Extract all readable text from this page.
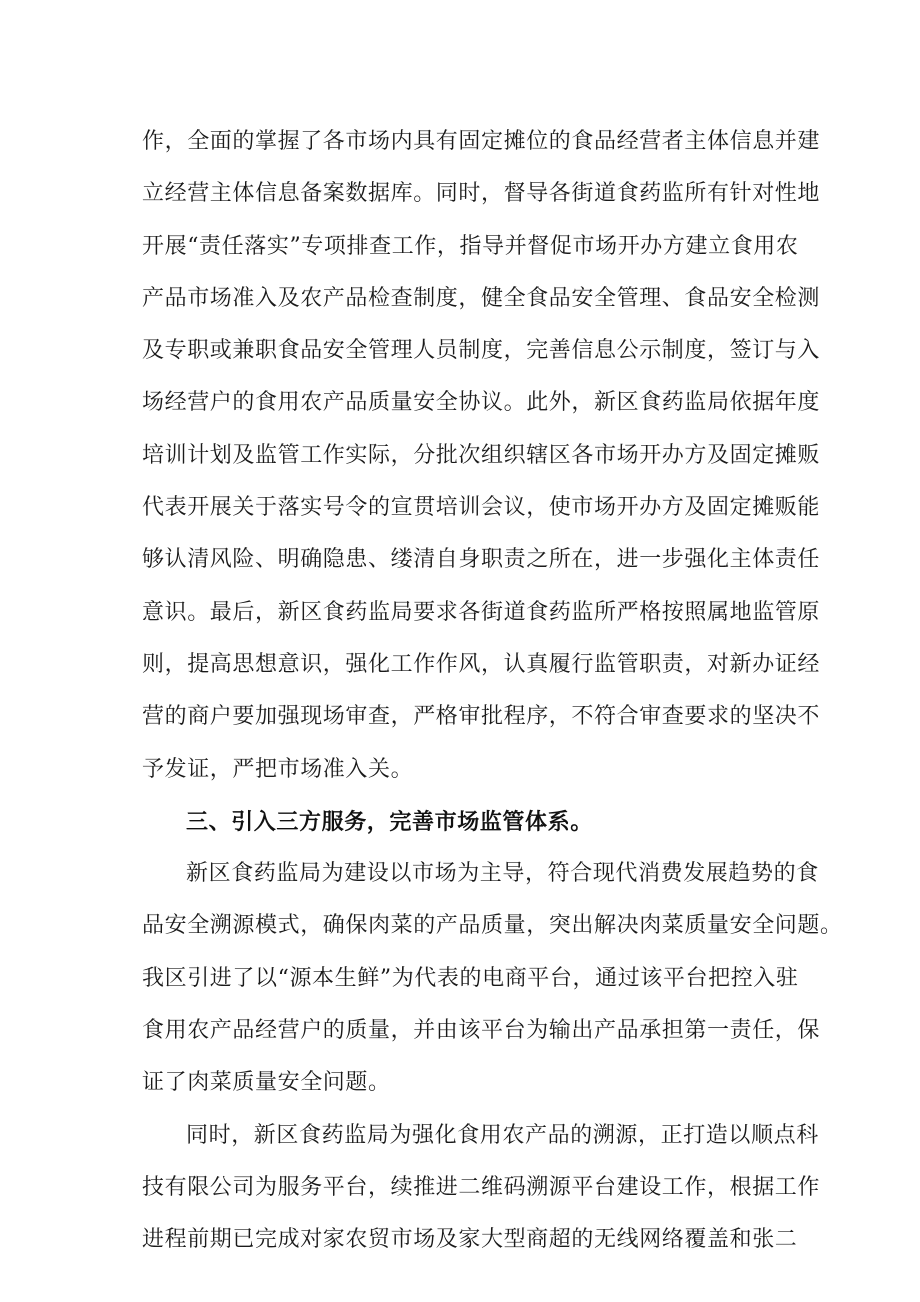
作，全面的掌握了各市场内具有固定摊位的食品经营者主体信息并建
立经营主体信息备案数据库。同时，督导各街道食药监所有针对性地
开展“责任落实”专项排查工作，指导并督促市场开办方建立食用农
产品市场准入及农产品检查制度，健全食品安全管理、食品安全检测
及专职或兼职食品安全管理人员制度，完善信息公示制度，签订与入
场经营户的食用农产品质量安全协议。此外，新区食药监局依据年度
培训计划及监管工作实际，分批次组织辖区各市场开办方及固定摊贩
代表开展关于落实号令的宣贯培训会议，使市场开办方及固定摊贩能
够认清风险、明确隐患、缕清自身职责之所在，进一步强化主体责任
意识。最后，新区食药监局要求各街道食药监所严格按照属地监管原
则，提高思想意识，强化工作作风，认真履行监管职责，对新办证经
营的商户要加强现场审查，严格审批程序，不符合审查要求的坚决不
予发证，严把市场准入关。
三、引入三方服务，完善市场监管体系。
新区食药监局为建设以市场为主导，符合现代消费发展趋势的食
品安全溯源模式，确保肉菜的产品质量，突出解决肉菜质量安全问题。
我区引进了以“源本生鲜”为代表的电商平台，通过该平台把控入驻
食用农产品经营户的质量，并由该平台为输出产品承担第一责任，保
证了肉菜质量安全问题。
同时，新区食药监局为强化食用农产品的溯源，正打造以顺点科
技有限公司为服务平台，续推进二维码溯源平台建设工作，根据工作
进程前期已完成对家农贸市场及家大型商超的无线网络覆盖和张二
